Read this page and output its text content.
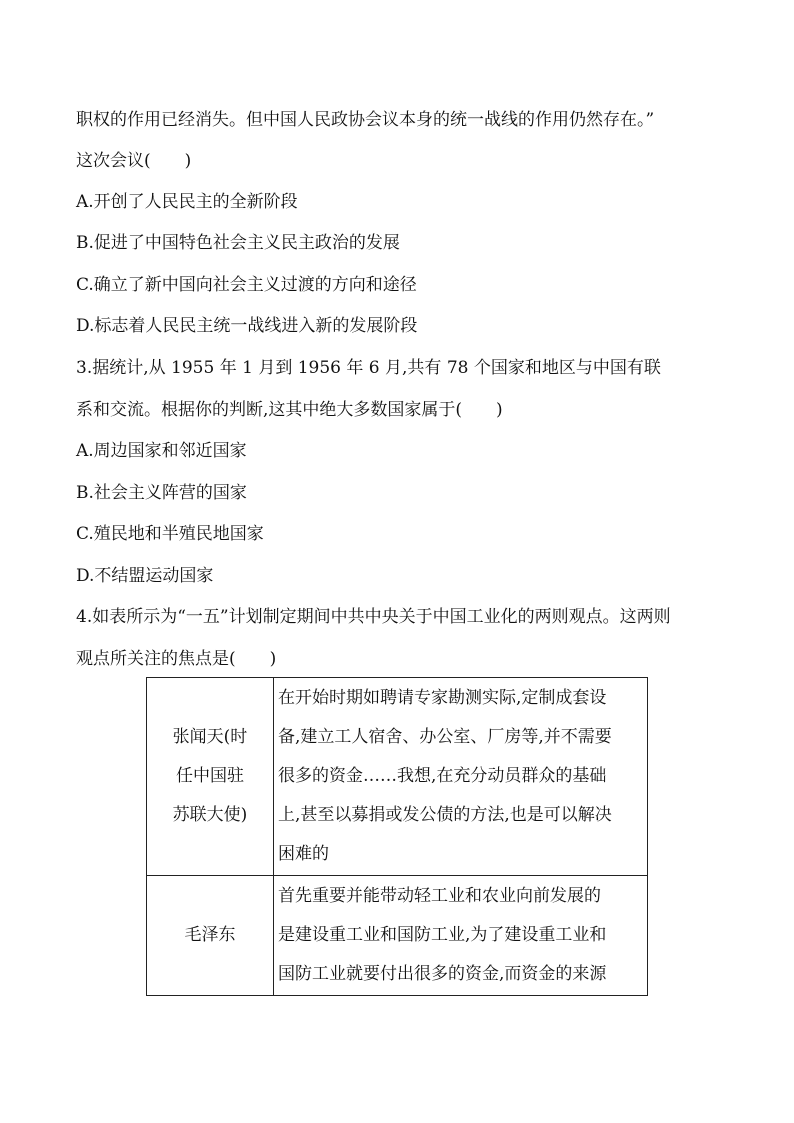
职权的作用已经消失。但中国人民政协会议本身的统一战线的作用仍然存在。”
这次会议(　　)
A.开创了人民民主的全新阶段
B.促进了中国特色社会主义民主政治的发展
C.确立了新中国向社会主义过渡的方向和途径
D.标志着人民民主统一战线进入新的发展阶段
3.据统计,从 1955 年 1 月到 1956 年 6 月,共有 78 个国家和地区与中国有联
系和交流。根据你的判断,这其中绝大多数国家属于(　　)
A.周边国家和邻近国家
B.社会主义阵营的国家
C.殖民地和半殖民地国家
D.不结盟运动国家
4.如表所示为“一五”计划制定期间中共中央关于中国工业化的两则观点。这两则
观点所关注的焦点是(　　)
张闻天(时
任中国驻
苏联大使)	在开始时期如聘请专家勘测实际,定制成套设
备,建立工人宿舍、办公室、厂房等,并不需要
很多的资金……我想,在充分动员群众的基础
上,甚至以募捐或发公债的方法,也是可以解决
困难的

毛泽东	首先重要并能带动轻工业和农业向前发展的
是建设重工业和国防工业,为了建设重工业和
国防工业就要付出很多的资金,而资金的来源
